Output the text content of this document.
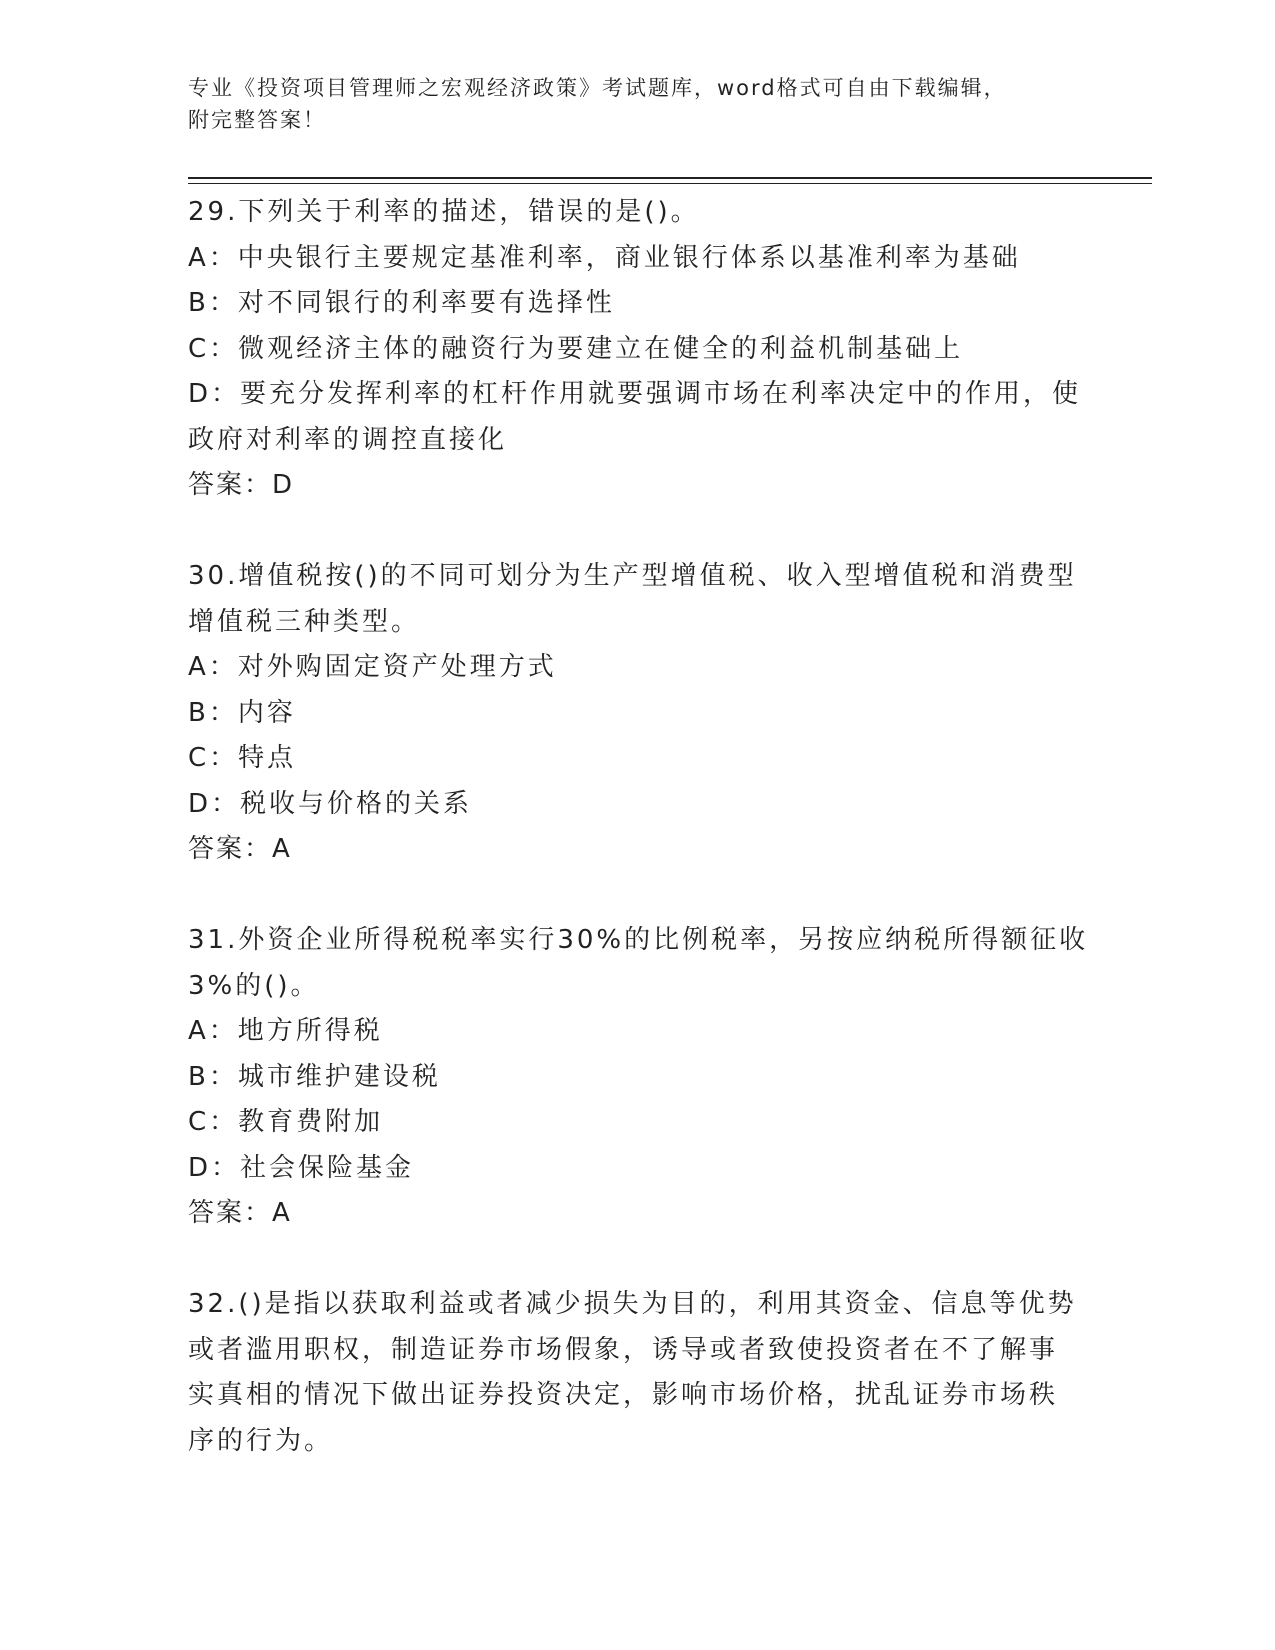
专业《投资项目管理师之宏观经济政策》考试题库，word格式可自由下载编辑，
附完整答案！
29.下列关于利率的描述，错误的是()。
A：中央银行主要规定基准利率，商业银行体系以基准利率为基础
B：对不同银行的利率要有选择性
C：微观经济主体的融资行为要建立在健全的利益机制基础上
D：要充分发挥利率的杠杆作用就要强调市场在利率决定中的作用，使
政府对利率的调控直接化
答案：D
30.增值税按()的不同可划分为生产型增值税、收入型增值税和消费型
增值税三种类型。
A：对外购固定资产处理方式
B：内容
C：特点
D：税收与价格的关系
答案：A
31.外资企业所得税税率实行30%的比例税率，另按应纳税所得额征收
3%的()。
A：地方所得税
B：城市维护建设税
C：教育费附加
D：社会保险基金
答案：A
32.()是指以获取利益或者减少损失为目的，利用其资金、信息等优势
或者滥用职权，制造证券市场假象，诱导或者致使投资者在不了解事
实真相的情况下做出证券投资决定，影响市场价格，扰乱证券市场秩
序的行为。
